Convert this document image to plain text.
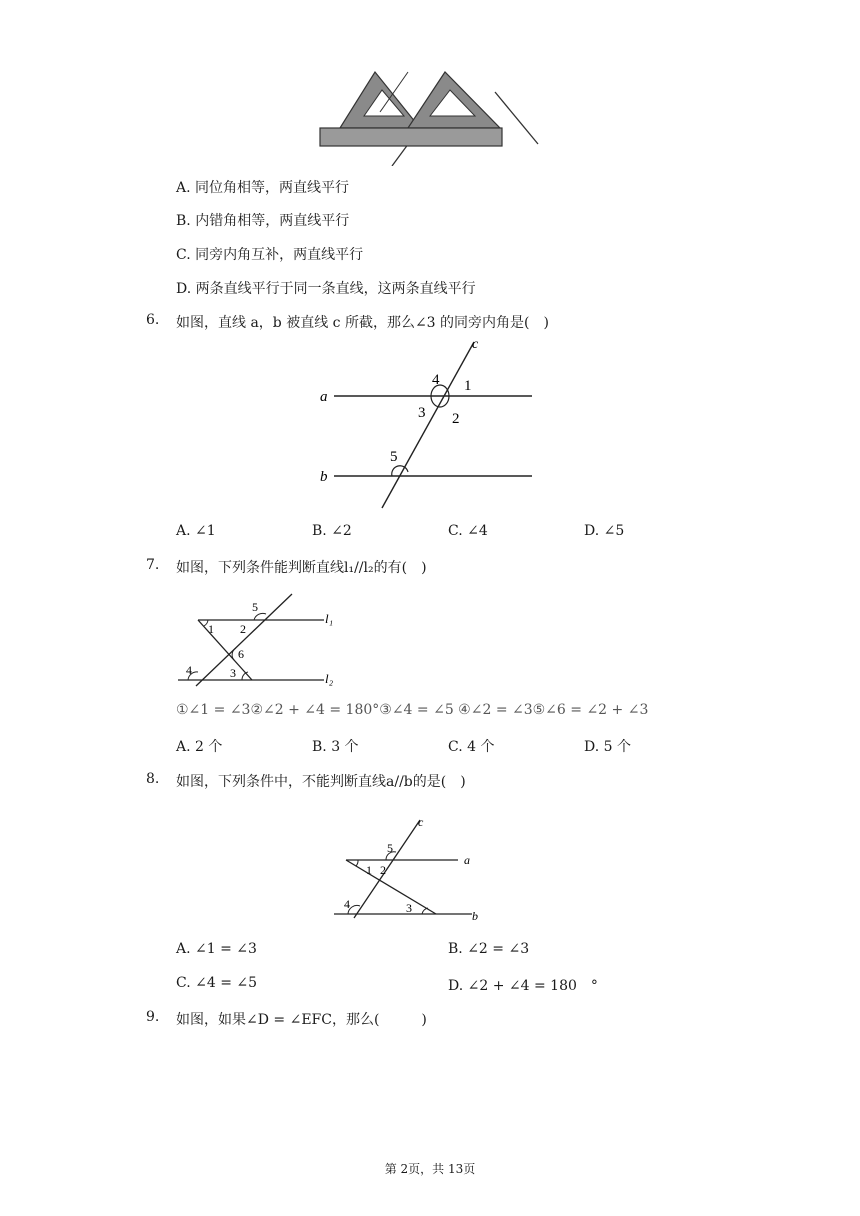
A. 同位角相等，两直线平行
B. 内错角相等，两直线平行
C. 同旁内角互补，两直线平行
D. 两条直线平行于同一条直线，这两条直线平行
6. 如图，直线 a，b 被直线 c 所截，那么∠3 的同旁内角是(　)
c
a
b
4 1
3 2
5
A. ∠1	B. ∠2	C. ∠4	D. ∠5
7. 如图，下列条件能判断直线l₁//l₂的有(　)
l₁
l₂
5
1 2
6
4	3
①∠1 = ∠3②∠2 + ∠4 = 180°③∠4 = ∠5 ④∠2 = ∠3⑤∠6 = ∠2 + ∠3
A. 2 个	B. 3 个	C. 4 个	D. 5 个
8. 如图，下列条件中，不能判断直线a//b的是(　)
c
a
b
5
1 2
4	3
A. ∠1 = ∠3	B. ∠2 = ∠3
C. ∠4 = ∠5	D. ∠2 + ∠4 = 180　°
9. 如图，如果∠D = ∠EFC，那么(　　　)
第 2页，共 13页
